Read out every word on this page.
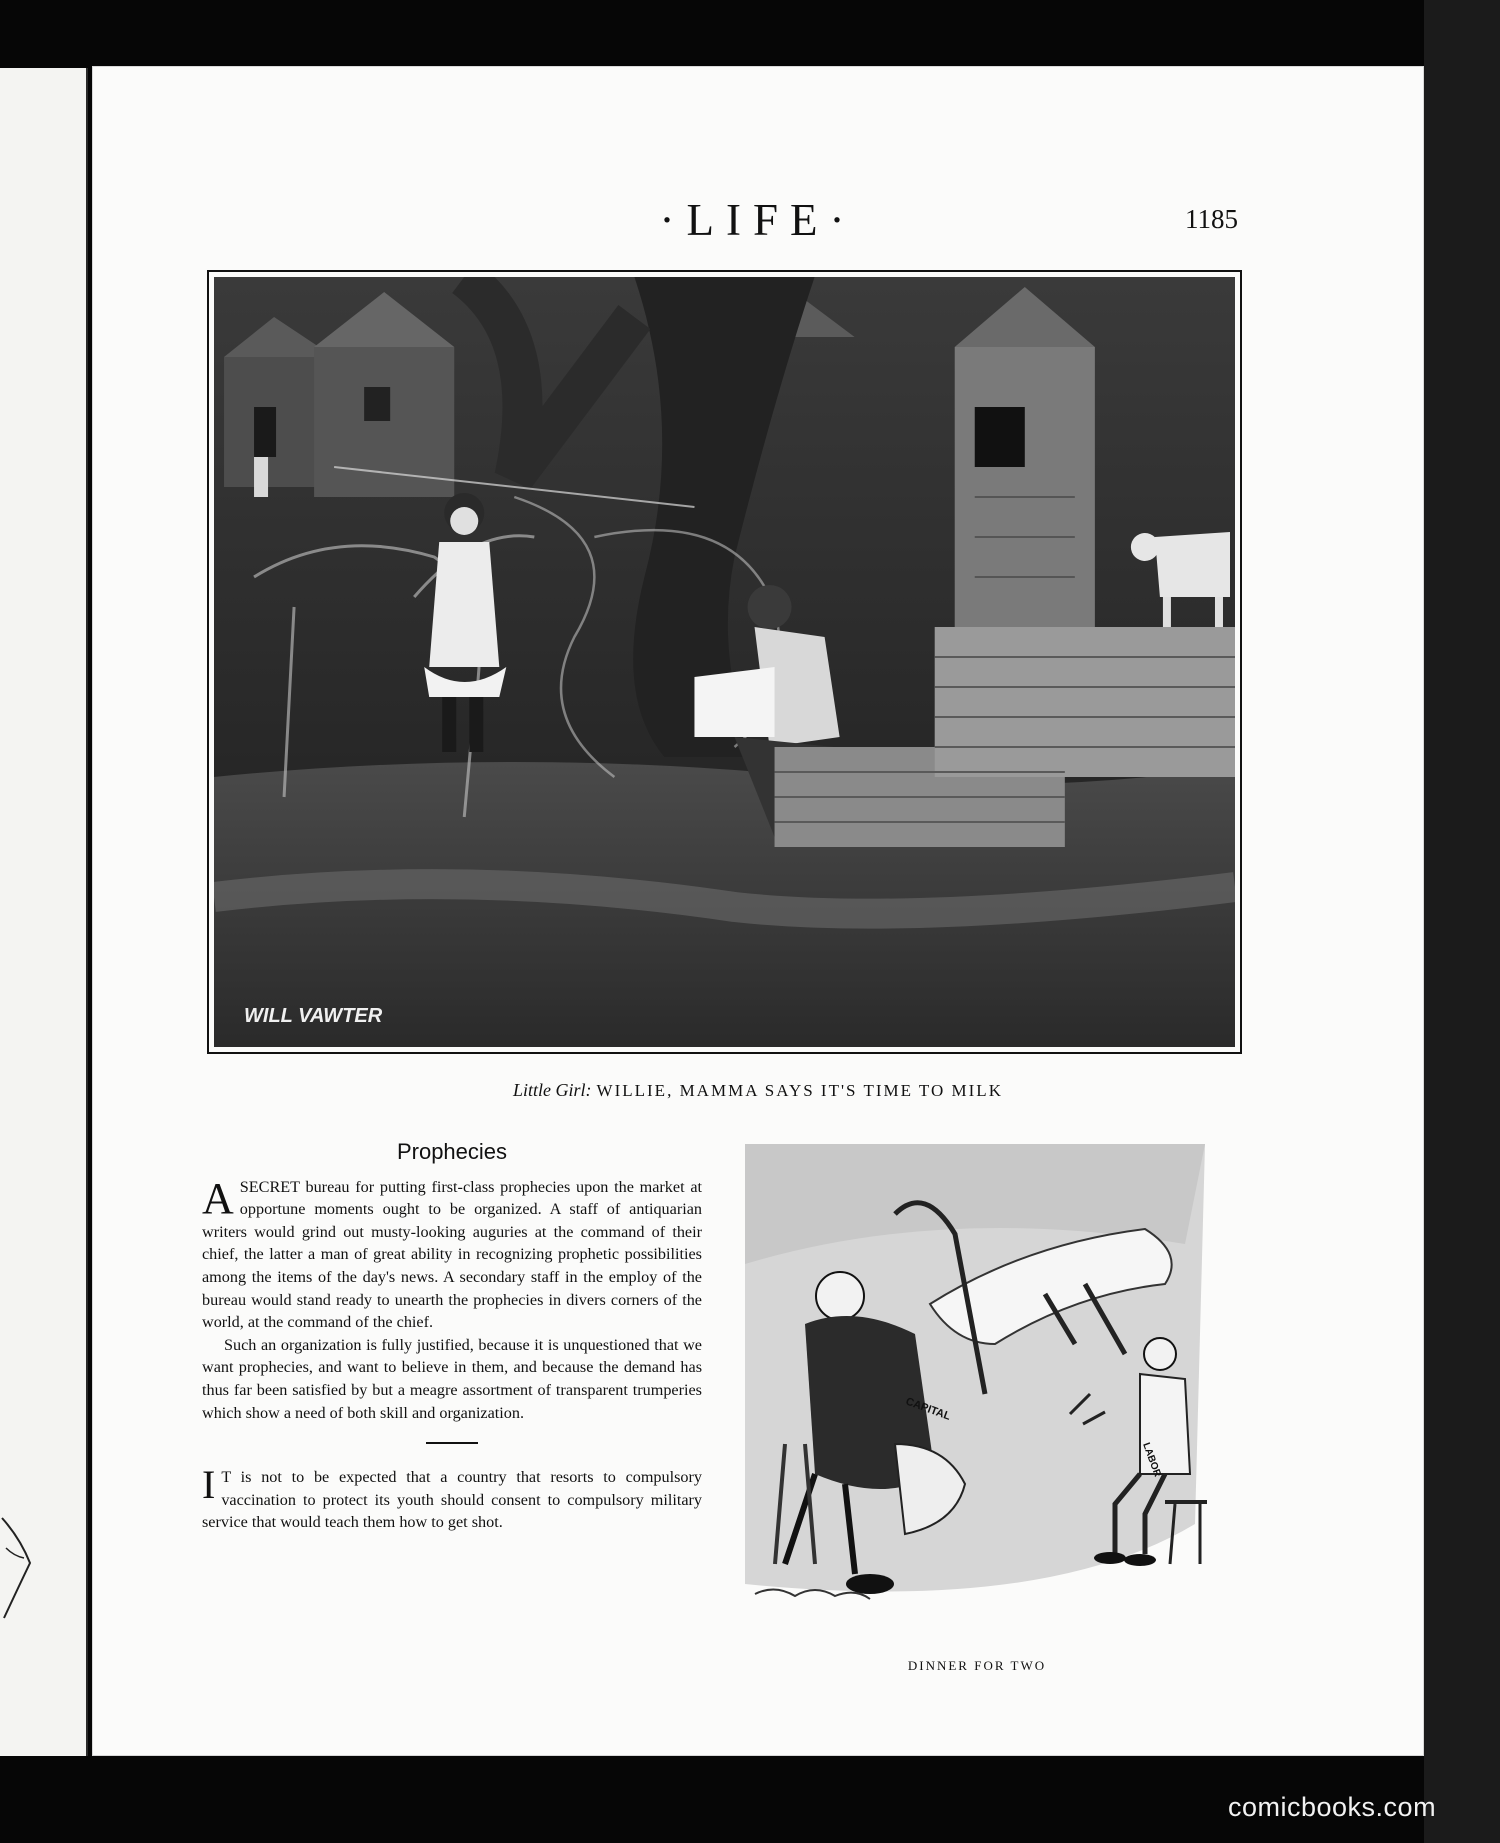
·LIFE·	1185
WILL VAWTER
Little Girl: WILLIE, MAMMA SAYS IT'S TIME TO MILK
Prophecies

ASECRET bureau for putting first-class prophecies upon the market at opportune moments ought to be organized. A staff of antiquarian writers would grind out musty-looking auguries at the command of their chief, the latter a man of great ability in recognizing prophetic possibilities among the items of the day's news. A secondary staff in the employ of the bureau would stand ready to unearth the prophecies in divers corners of the world, at the command of the chief.

Such an organization is fully justified, because it is unquestioned that we want prophecies, and want to believe in them, and because the demand has thus far been satisfied by but a meagre assortment of transparent trumperies which show a need of both skill and organization.

I T is not to be expected that a country that resorts to compulsory vaccination to protect its youth should consent to compulsory military service that would teach them how to get shot.

CAPITAL
LABOR
DINNER FOR TWO
comicbooks.com
